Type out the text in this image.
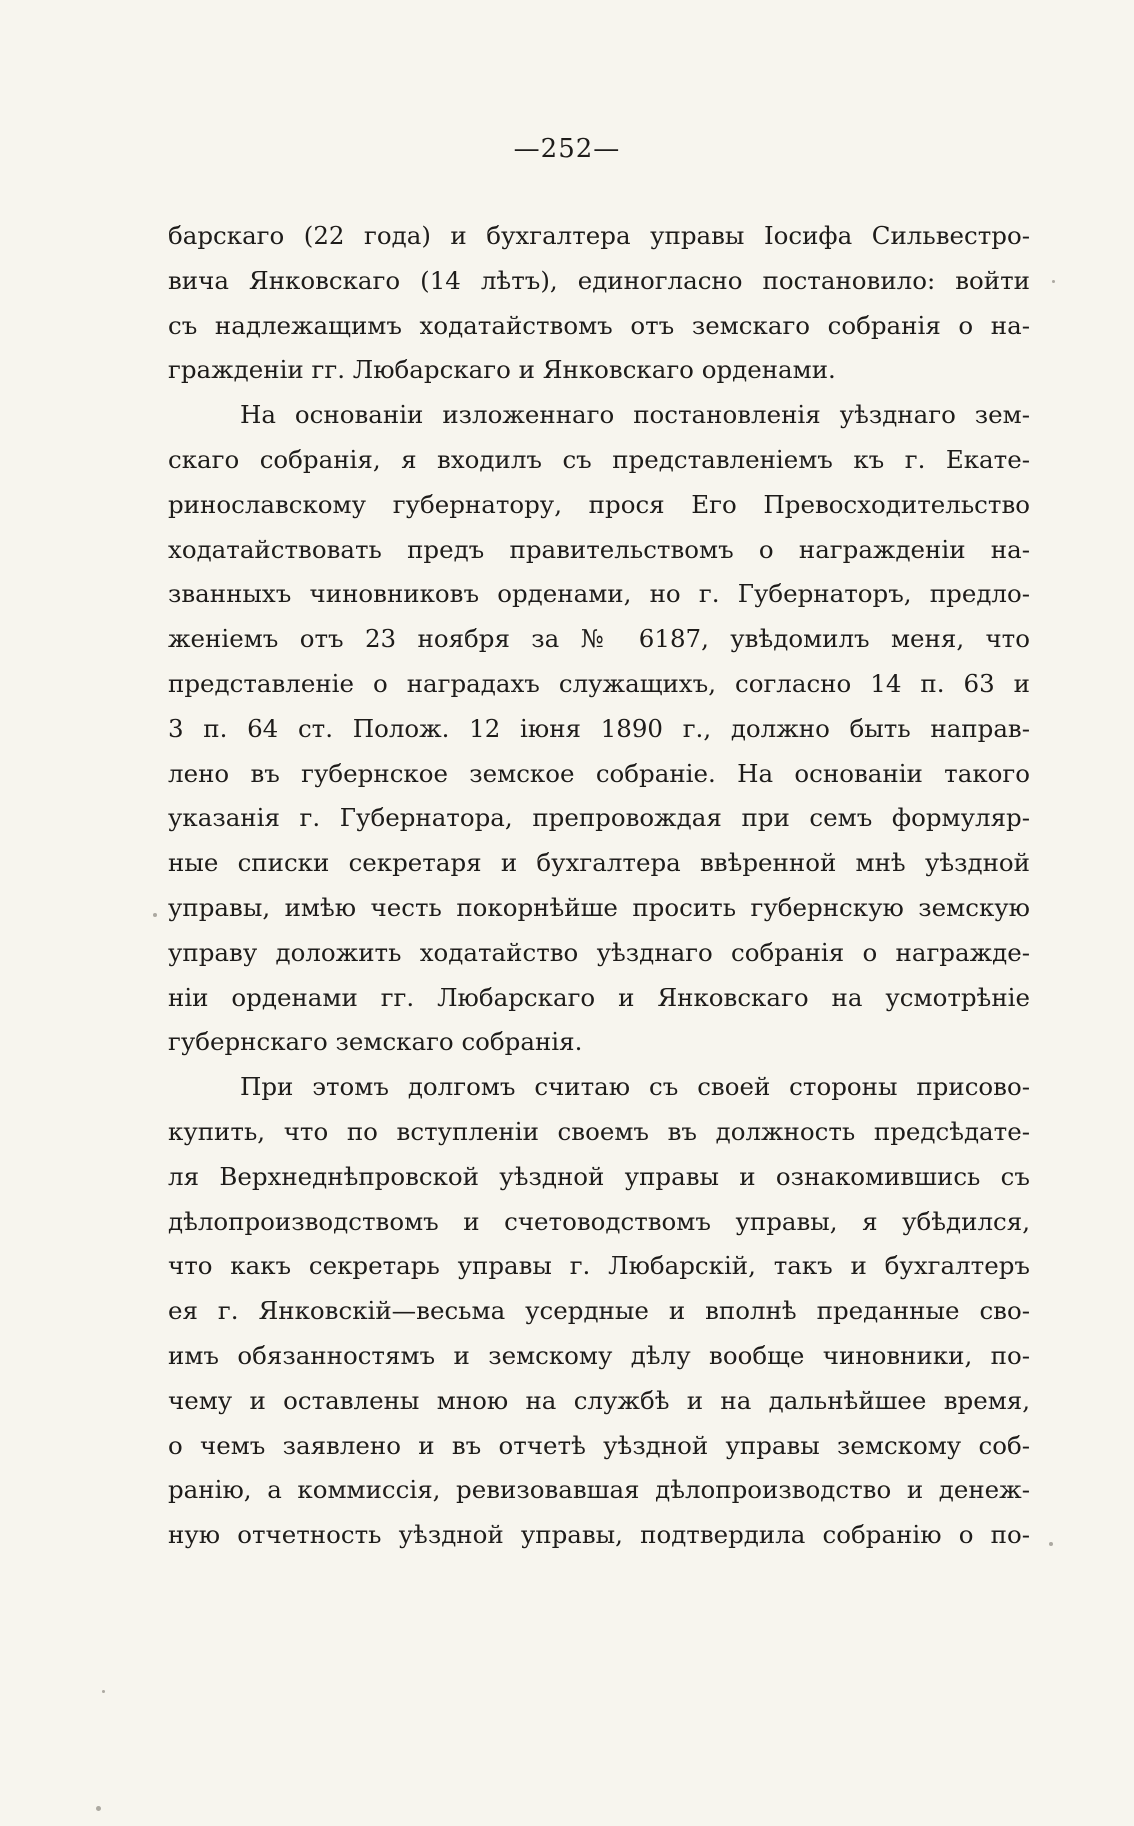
—252—
барскаго (22 года) и бухгалтера управы Іосифа Сильвестро-
вича Янковскаго (14 лѣтъ), единогласно постановило: войти
съ надлежащимъ ходатайствомъ отъ земскаго собранія о на-
гражденіи гг. Любарскаго и Янковскаго орденами.
На основаніи изложеннаго постановленія уѣзднаго зем-
скаго собранія, я входилъ съ представленіемъ къ г. Екате-
ринославскому губернатору, прося Его Превосходительство
ходатайствовать предъ правительствомъ о награжденіи на-
званныхъ чиновниковъ орденами, но г. Губернаторъ, предло-
женіемъ отъ 23 ноября за № 6187, увѣдомилъ меня, что
представленіе о наградахъ служащихъ, согласно 14 п. 63 и
3 п. 64 ст. Полож. 12 іюня 1890 г., должно быть направ-
лено въ губернское земское собраніе. На основаніи такого
указанія г. Губернатора, препровождая при семъ формуляр-
ные списки секретаря и бухгалтера ввѣренной мнѣ уѣздной
управы, имѣю честь покорнѣйше просить губернскую земскую
управу доложить ходатайство уѣзднаго собранія о награжде-
ніи орденами гг. Любарскаго и Янковскаго на усмотрѣніе
губернскаго земскаго собранія.
При этомъ долгомъ считаю съ своей стороны присово-
купить, что по вступленіи своемъ въ должность предсѣдате-
ля Верхнеднѣпровской уѣздной управы и ознакомившись съ
дѣлопроизводствомъ и счетоводствомъ управы, я убѣдился,
что какъ секретарь управы г. Любарскій, такъ и бухгалтеръ
ея г. Янковскій—весьма усердные и вполнѣ преданные сво-
имъ обязанностямъ и земскому дѣлу вообще чиновники, по-
чему и оставлены мною на службѣ и на дальнѣйшее время,
о чемъ заявлено и въ отчетѣ уѣздной управы земскому соб-
ранію, а коммиссія, ревизовавшая дѣлопроизводство и денеж-
ную отчетность уѣздной управы, подтвердила собранію о по-
